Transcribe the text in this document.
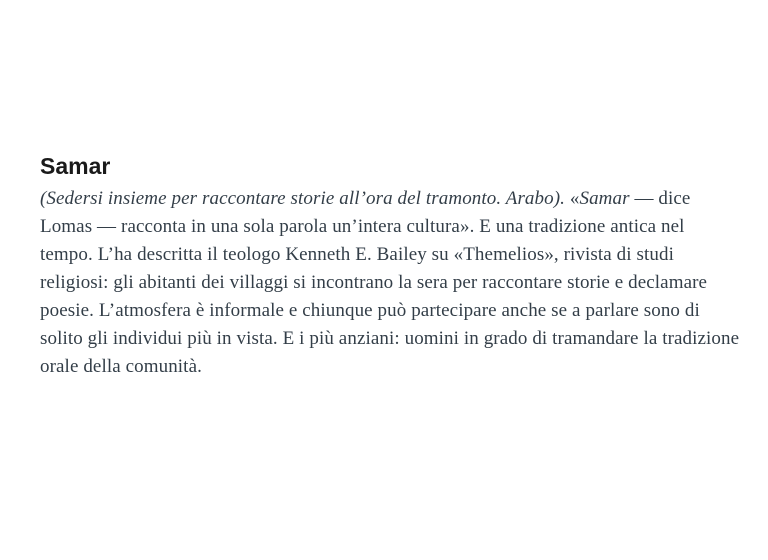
Samar

(Sedersi insieme per raccontare storie all’ora del tramonto. Arabo). «Samar — dice Lomas — racconta in una sola parola un’intera cultura». E una tradizione antica nel tempo. L’ha descritta il teologo Kenneth E. Bailey su «Themelios», rivista di studi religiosi: gli abitanti dei villaggi si incontrano la sera per raccontare storie e declamare poesie. L’atmosfera è informale e chiunque può partecipare anche se a parlare sono di solito gli individui più in vista. E i più anziani: uomini in grado di tramandare la tradizione orale della comunità.
